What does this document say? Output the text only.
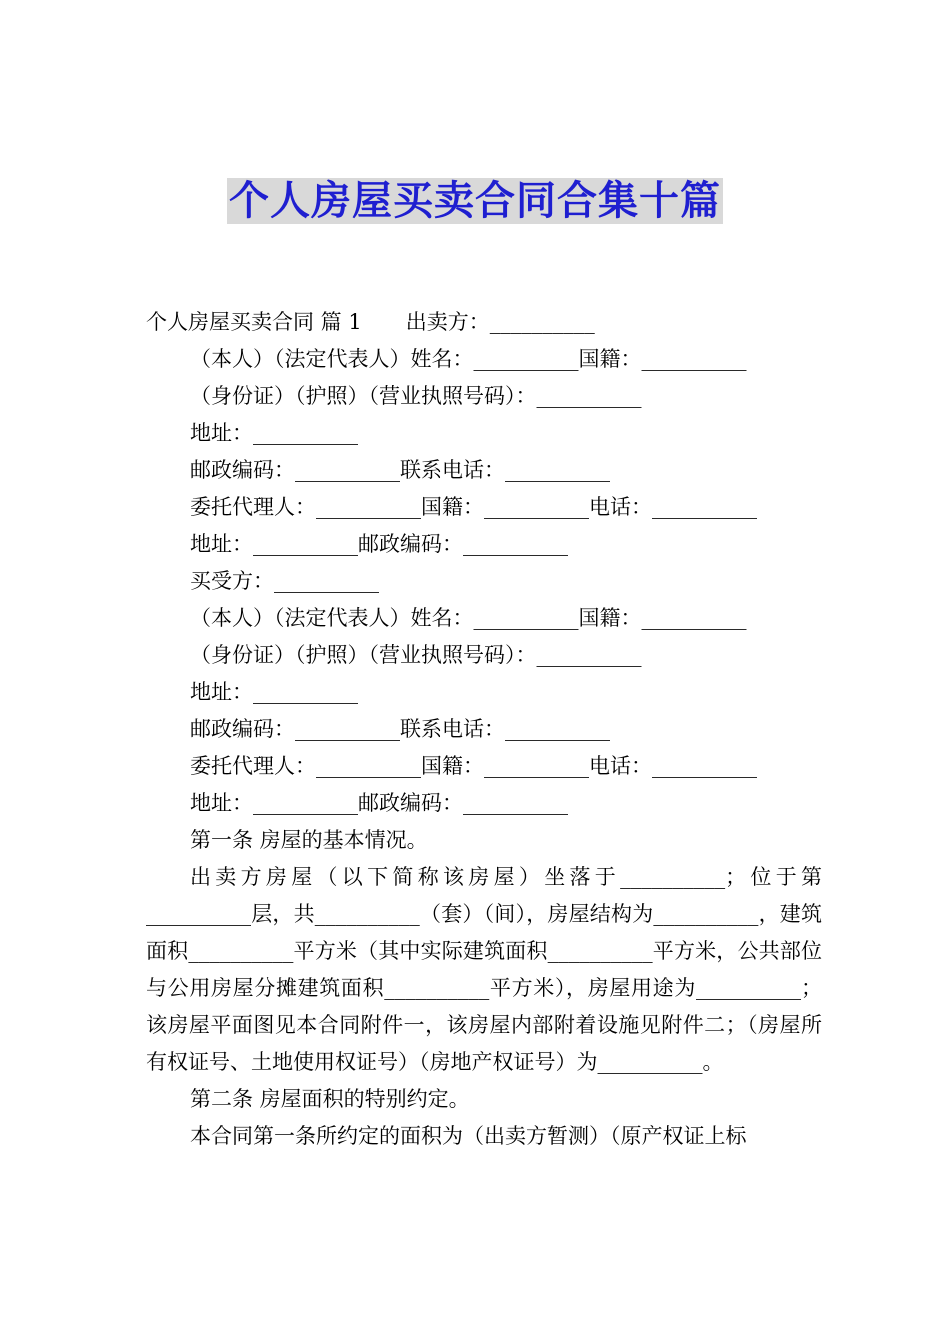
个人房屋买卖合同合集十篇
个人房屋买卖合同 篇 1 出卖方：__________
（本人）（法定代表人）姓名：__________国籍：__________
（身份证）（护照）（营业执照号码）：__________
地址：__________
邮政编码：__________联系电话：__________
委托代理人：__________国籍：__________电话：__________
地址：__________邮政编码：__________
买受方：__________
（本人）（法定代表人）姓名：__________国籍：__________
（身份证）（护照）（营业执照号码）：__________
地址：__________
邮政编码：__________联系电话：__________
委托代理人：__________国籍：__________电话：__________
地址：__________邮政编码：__________
第一条 房屋的基本情况。
出卖方房屋（以下简称该房屋）坐落于__________；位于第__________层，共__________（套）（间），房屋结构为__________，建筑面积__________平方米（其中实际建筑面积__________平方米，公共部位与公用房屋分摊建筑面积__________平方米），房屋用途为__________；该房屋平面图见本合同附件一，该房屋内部附着设施见附件二；（房屋所有权证号、土地使用权证号）（房地产权证号）为__________。
第二条 房屋面积的特别约定。
本合同第一条所约定的面积为（出卖方暂测）（原产权证上标
